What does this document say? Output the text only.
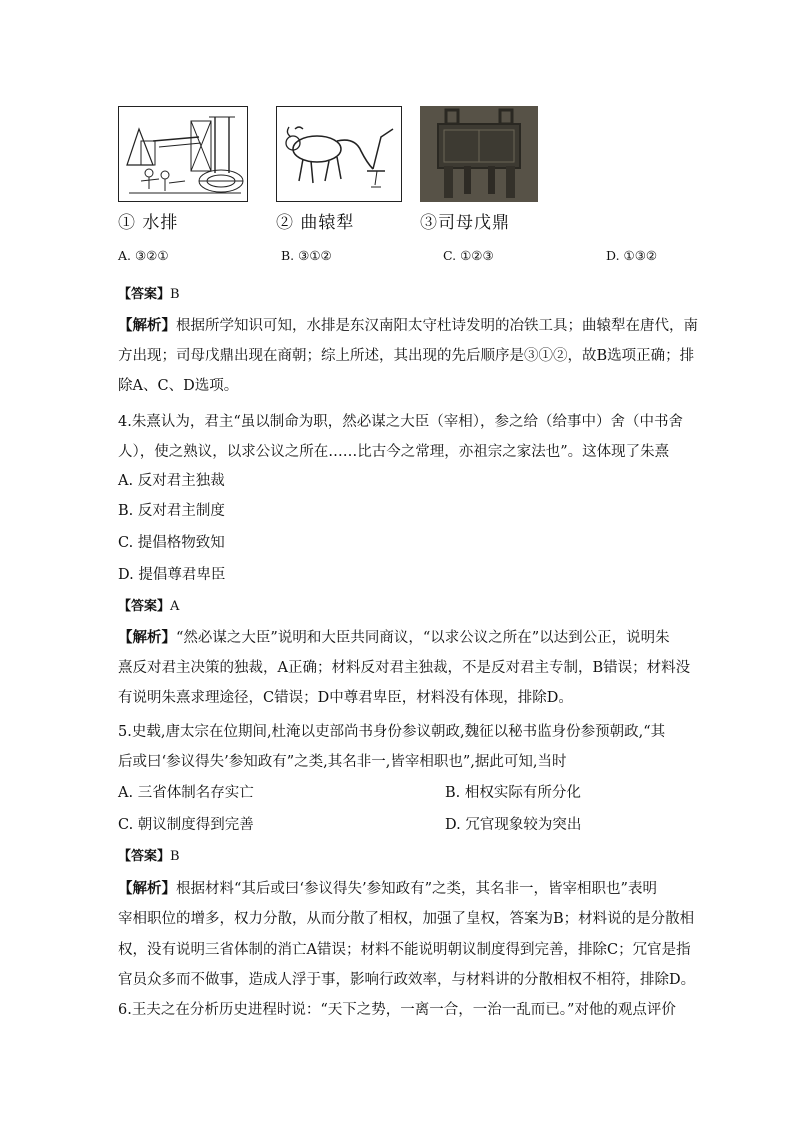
① 水排	② 曲辕犁	③司母戊鼎
A. ③②①	B. ③①②	C. ①②③	D. ①③②
【答案】B
【解析】根据所学知识可知，水排是东汉南阳太守杜诗发明的冶铁工具；曲辕犁在唐代，南
方出现；司母戊鼎出现在商朝；综上所述，其出现的先后顺序是③①②，故B选项正确；排
除A、C、D选项。
4.朱熹认为，君主“虽以制命为职，然必谋之大臣（宰相），参之给（给事中）舍（中书舍
人），使之熟议，以求公议之所在……比古今之常理，亦祖宗之家法也”。这体现了朱熹
A. 反对君主独裁
B. 反对君主制度
C. 提倡格物致知
D. 提倡尊君卑臣
【答案】A
【解析】“然必谋之大臣”说明和大臣共同商议，“以求公议之所在”以达到公正，说明朱
熹反对君主决策的独裁，A正确；材料反对君主独裁，不是反对君主专制，B错误；材料没
有说明朱熹求理途径，C错误；D中尊君卑臣，材料没有体现，排除D。
5.史载,唐太宗在位期间,杜淹以吏部尚书身份参议朝政,魏征以秘书监身份参预朝政,“其
后或曰‘参议得失’参知政有”之类,其名非一,皆宰相职也”,据此可知,当时
A. 三省体制名存实亡	B. 相权实际有所分化
C. 朝议制度得到完善	D. 冗官现象较为突出
【答案】B
【解析】根据材料“其后或曰‘参议得失’参知政有”之类，其名非一，皆宰相职也”表明
宰相职位的增多，权力分散，从而分散了相权，加强了皇权，答案为B；材料说的是分散相
权，没有说明三省体制的消亡A错误；材料不能说明朝议制度得到完善，排除C；冗官是指
官员众多而不做事，造成人浮于事，影响行政效率，与材料讲的分散相权不相符，排除D。
6.王夫之在分析历史进程时说：“天下之势，一离一合，一治一乱而已。”对他的观点评价
